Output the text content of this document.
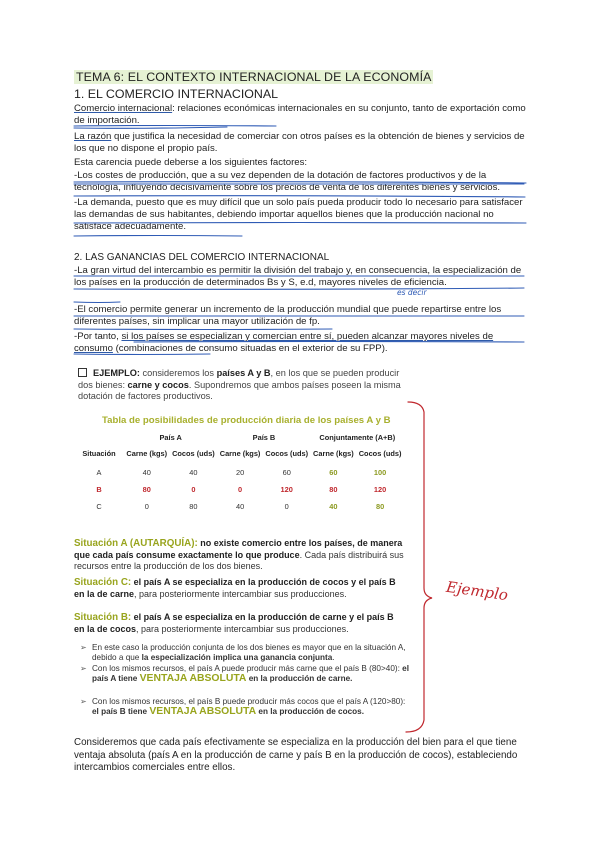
TEMA 6: EL CONTEXTO INTERNACIONAL DE LA ECONOMÍA
1. EL COMERCIO INTERNACIONAL
Comercio internacional: relaciones económicas internacionales en su conjunto, tanto de exportación como de importación.
La razón que justifica la necesidad de comerciar con otros países es la obtención de bienes y servicios de los que no dispone el propio país.
Esta carencia puede deberse a los siguientes factores:
-Los costes de producción, que a su vez dependen de la dotación de factores productivos y de la tecnología, influyendo decisivamente sobre los precios de venta de los diferentes bienes y servicios.
-La demanda, puesto que es muy difícil que un solo país pueda producir todo lo necesario para satisfacer las demandas de sus habitantes, debiendo importar aquellos bienes que la producción nacional no satisface adecuadamente.
2. LAS GANANCIAS DEL COMERCIO INTERNACIONAL
-La gran virtud del intercambio es permitir la división del trabajo y, en consecuencia, la especialización de los países en la producción de determinados Bs y S, e.d, mayores niveles de eficiencia.
-El comercio permite generar un incremento de la producción mundial que puede repartirse entre los diferentes países, sin implicar una mayor utilización de fp.
-Por tanto, si los países se especializan y comercian entre sí, pueden alcanzar mayores niveles de consumo (combinaciones de consumo situadas en el exterior de su FPP).
es decir
Ejemplo
EJEMPLO: consideremos los países A y B, en los que se pueden producir dos bienes: carne y cocos. Supondremos que ambos países poseen la misma dotación de factores productivos.
Tabla de posibilidades de producción diaria de los países A y B
	País A		País B		Conjuntamente (A+B)	
Situación	Carne (kgs)	Cocos (uds)	Carne (kgs)	Cocos (uds)	Carne (kgs)	Cocos (uds)
A	40	40	20	60	60	100
B	80	0	0	120	80	120
C	0	80	40	0	40	80
Situación A (AUTARQUÍA): no existe comercio entre los países, de manera que cada país consume exactamente lo que produce. Cada país distribuirá sus recursos entre la producción de los dos bienes.
Situación C: el país A se especializa en la producción de cocos y el país B en la de carne, para posteriormente intercambiar sus producciones.
Situación B: el país A se especializa en la producción de carne y el país B en la de cocos, para posteriormente intercambiar sus producciones.
➢ En este caso la producción conjunta de los dos bienes es mayor que en la situación A, debido a que la especialización implica una ganancia conjunta.
➢ Con los mismos recursos, el país A puede producir más carne que el país B (80>40): el país A tiene VENTAJA ABSOLUTA en la producción de carne.
➢ Con los mismos recursos, el país B puede producir más cocos que el país A (120>80): el país B tiene VENTAJA ABSOLUTA en la producción de cocos.
Consideremos que cada país efectivamente se especializa en la producción del bien para el que tiene ventaja absoluta (país A en la producción de carne y país B en la producción de cocos), estableciendo intercambios comerciales entre ellos.
